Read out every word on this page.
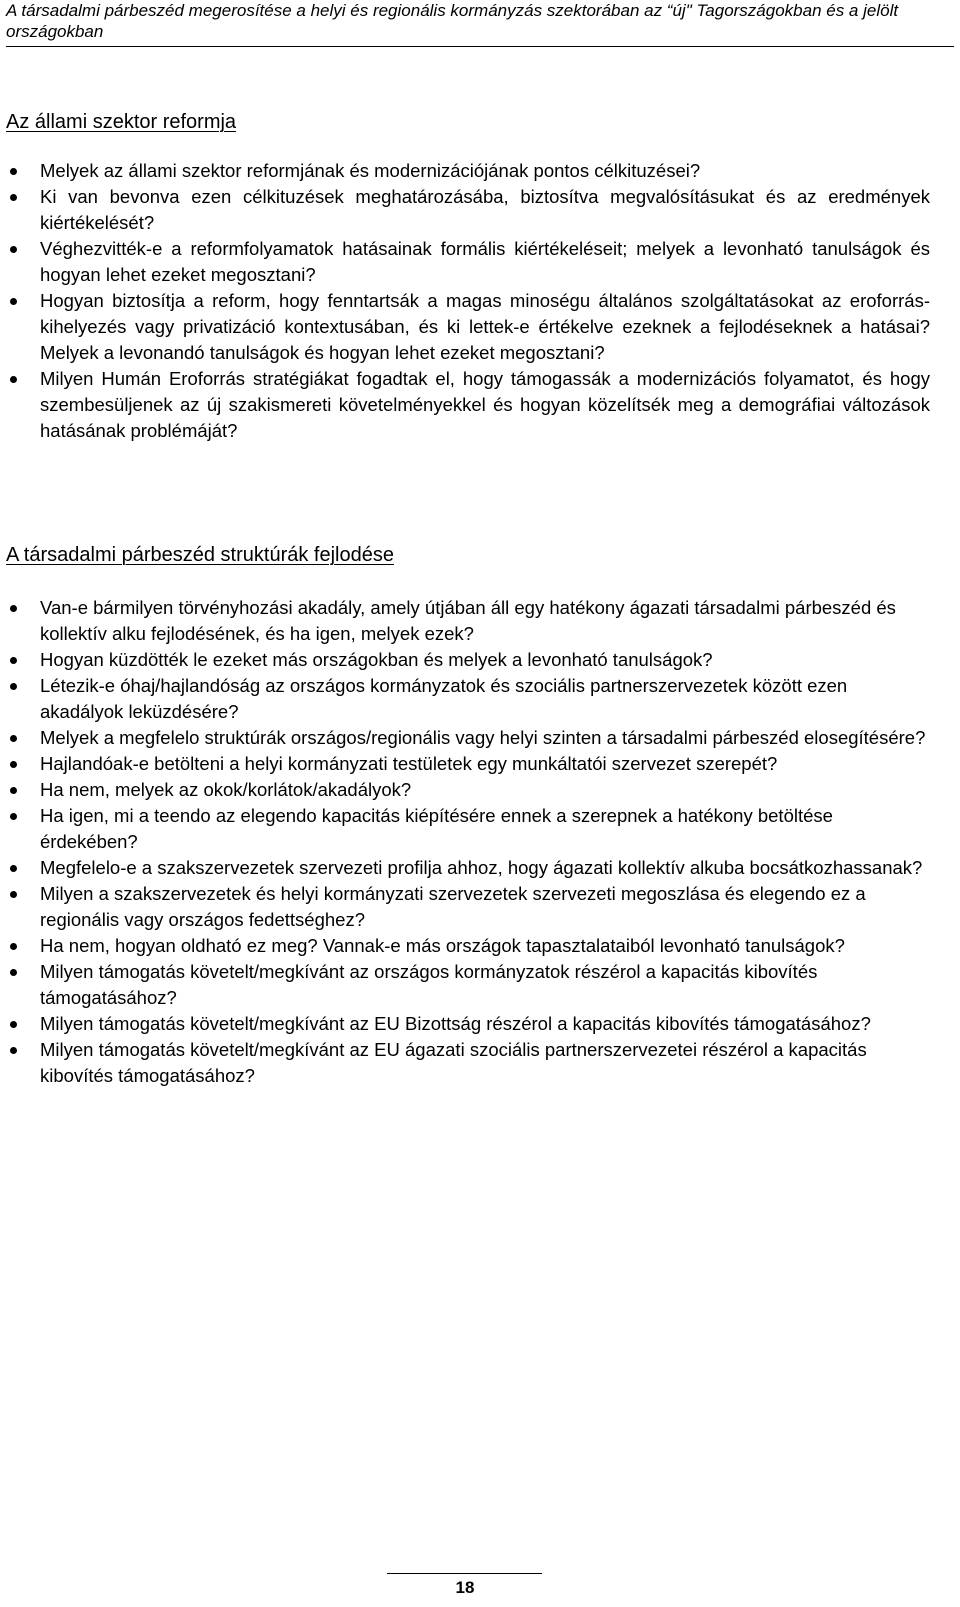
A társadalmi párbeszéd megerosítése a helyi és regionális kormányzás szektorában az “új" Tagországokban és a jelölt országokban
Az állami szektor reformja
Melyek az állami szektor reformjának és modernizációjának pontos célkituzései?
Ki van bevonva ezen célkituzések meghatározásába, biztosítva megvalósításukat és az eredmények kiértékelését?
Véghezvitték-e a reformfolyamatok hatásainak formális kiértékeléseit; melyek a levonható tanulságok és hogyan lehet ezeket megosztani?
Hogyan biztosítja a reform, hogy fenntartsák a magas minoségu általános szolgáltatásokat az eroforrás-kihelyezés vagy privatizáció kontextusában, és ki lettek-e értékelve ezeknek a fejlodéseknek a hatásai? Melyek a levonandó tanulságok és hogyan lehet ezeket megosztani?
Milyen Humán Eroforrás stratégiákat fogadtak el, hogy támogassák a modernizációs folyamatot, és hogy szembesüljenek az új szakismereti követelményekkel és hogyan közelítsék meg a demográfiai változások hatásának problémáját?
A társadalmi párbeszéd struktúrák fejlodése
Van-e bármilyen törvényhozási akadály, amely útjában áll egy hatékony ágazati társadalmi párbeszéd és kollektív alku fejlodésének, és ha igen, melyek ezek?
Hogyan küzdötték le ezeket más országokban és melyek a levonható tanulságok?
Létezik-e óhaj/hajlandóság az országos kormányzatok és szociális partnerszervezetek között ezen akadályok leküzdésére?
Melyek a megfelelo struktúrák országos/regionális vagy helyi szinten a társadalmi párbeszéd elosegítésére?
Hajlandóak-e betölteni a helyi kormányzati testületek egy munkáltatói szervezet szerepét?
Ha nem, melyek az okok/korlátok/akadályok?
Ha igen, mi a teendo az elegendo kapacitás kiépítésére ennek a szerepnek a hatékony betöltése érdekében?
Megfelelo-e a szakszervezetek szervezeti profilja ahhoz, hogy ágazati kollektív alkuba bocsátkozhassanak?
Milyen a szakszervezetek és helyi kormányzati szervezetek szervezeti megoszlása és elegendo ez a regionális vagy országos fedettséghez?
Ha nem, hogyan oldható ez meg? Vannak-e más országok tapasztalataiból levonható tanulságok?
Milyen támogatás követelt/megkívánt az országos kormányzatok részérol a kapacitás kibovítés támogatásához?
Milyen támogatás követelt/megkívánt az EU Bizottság részérol a kapacitás kibovítés támogatásához?
Milyen támogatás követelt/megkívánt az EU ágazati szociális partnerszervezetei részérol a kapacitás kibovítés támogatásához?
18
